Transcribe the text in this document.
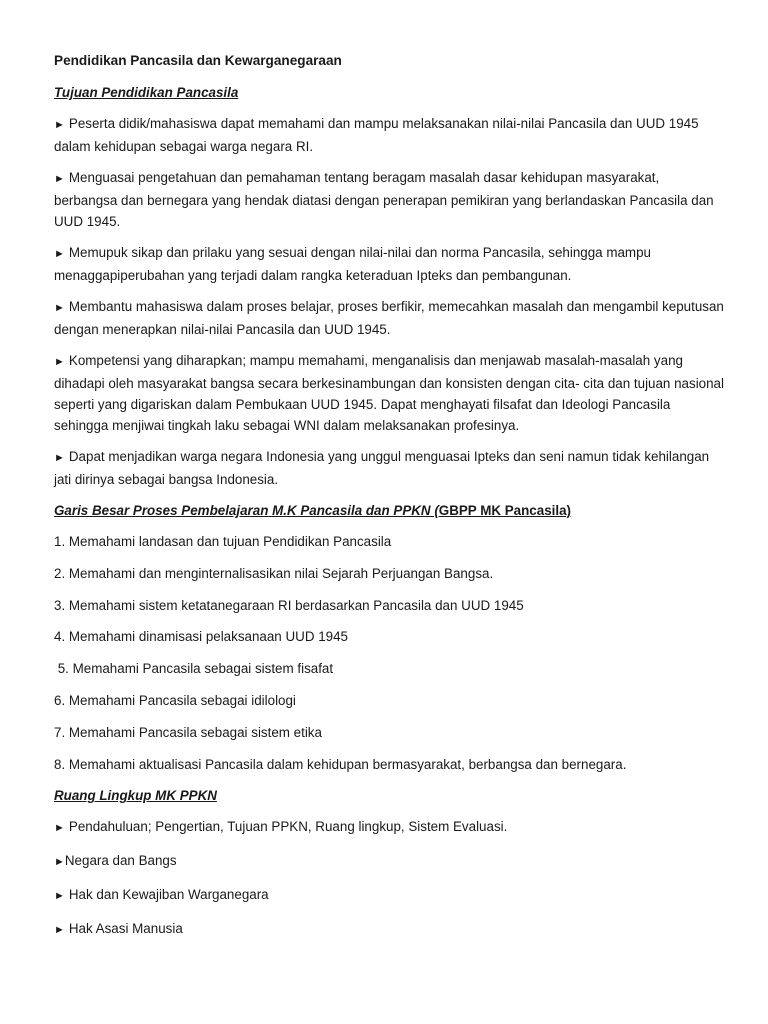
Pendidikan Pancasila dan Kewarganegaraan

Tujuan Pendidikan Pancasila

► Peserta didik/mahasiswa dapat memahami dan mampu melaksanakan nilai-nilai Pancasila dan UUD 1945 dalam kehidupan sebagai warga negara RI.

► Menguasai pengetahuan dan pemahaman tentang beragam masalah dasar kehidupan masyarakat, berbangsa dan bernegara yang hendak diatasi dengan penerapan pemikiran yang berlandaskan Pancasila dan UUD 1945.

► Memupuk sikap dan prilaku yang sesuai dengan nilai-nilai dan norma Pancasila, sehingga mampu menaggapiperubahan yang terjadi dalam rangka keteraduan Ipteks dan pembangunan.

► Membantu mahasiswa dalam proses belajar, proses berfikir, memecahkan masalah dan mengambil keputusan dengan menerapkan nilai-nilai Pancasila dan UUD 1945.

► Kompetensi yang diharapkan; mampu memahami, menganalisis dan menjawab masalah-masalah yang dihadapi oleh masyarakat bangsa secara berkesinambungan dan konsisten dengan cita- cita dan tujuan nasional seperti yang digariskan dalam Pembukaan UUD 1945. Dapat menghayati filsafat dan Ideologi Pancasila sehingga menjiwai tingkah laku sebagai WNI dalam melaksanakan profesinya.

► Dapat menjadikan warga negara Indonesia yang unggul menguasai Ipteks dan seni namun tidak kehilangan jati dirinya sebagai bangsa Indonesia.

Garis Besar Proses Pembelajaran M.K Pancasila dan PPKN (GBPP MK Pancasila)

1. Memahami landasan dan tujuan Pendidikan Pancasila

2. Memahami dan menginternalisasikan nilai Sejarah Perjuangan Bangsa.

3. Memahami sistem ketatanegaraan RI berdasarkan Pancasila dan UUD 1945

4. Memahami dinamisasi pelaksanaan UUD 1945

5. Memahami Pancasila sebagai sistem fisafat

6. Memahami Pancasila sebagai idilologi

7. Memahami Pancasila sebagai sistem etika

8. Memahami aktualisasi Pancasila dalam kehidupan bermasyarakat, berbangsa dan bernegara.

Ruang Lingkup MK PPKN

► Pendahuluan; Pengertian, Tujuan PPKN, Ruang lingkup, Sistem Evaluasi.

►Negara dan Bangs

► Hak dan Kewajiban Warganegara

► Hak Asasi Manusia
